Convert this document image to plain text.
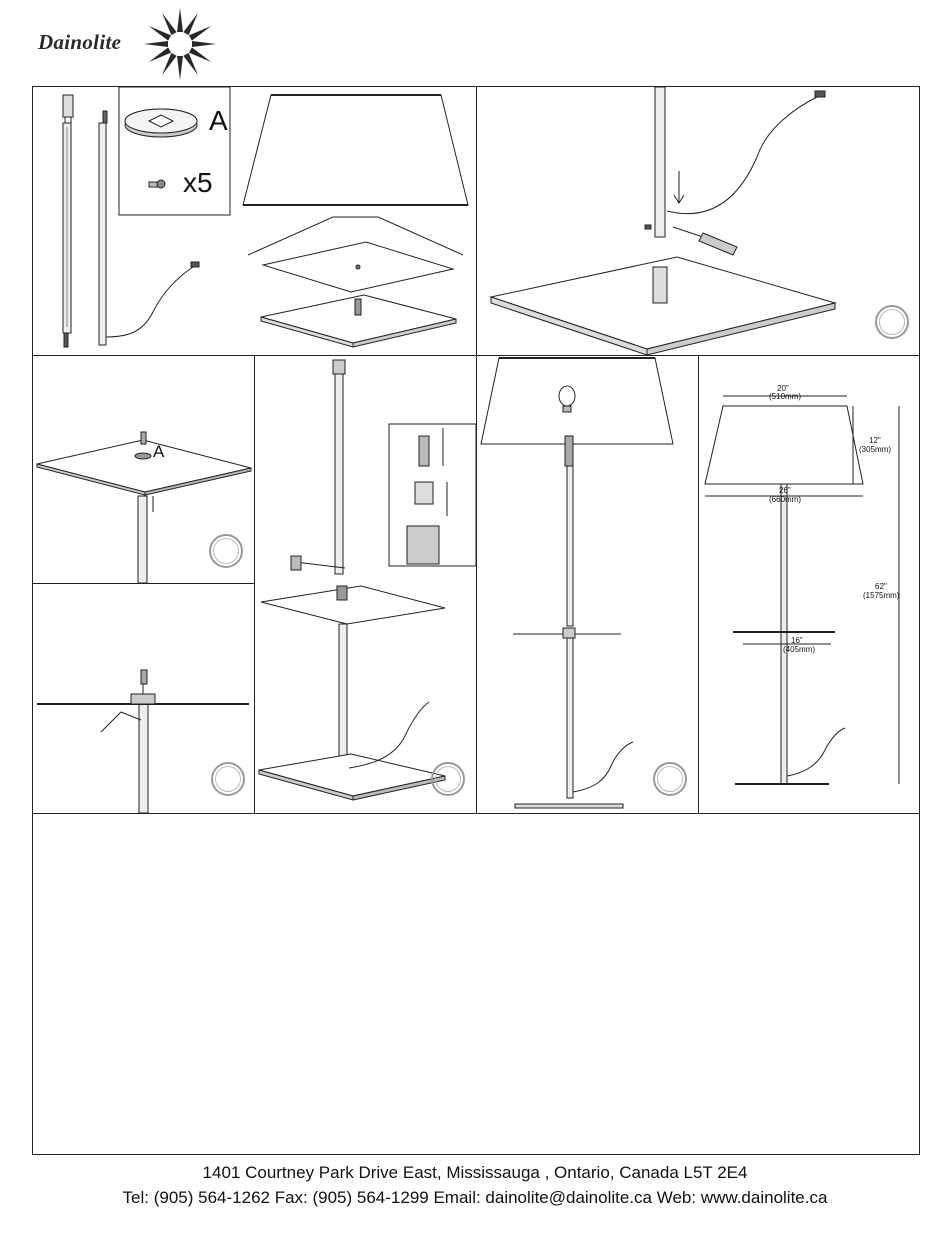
Dainolite
A
x5
A
20"
(510mm)
12"
(305mm)
26"
(660mm)
62"
(1575mm)
16"
(405mm)
1401 Courtney Park Drive East, Mississauga , Ontario, Canada L5T 2E4
Tel: (905) 564-1262 Fax: (905) 564-1299 Email: dainolite@dainolite.ca Web: www.dainolite.ca
